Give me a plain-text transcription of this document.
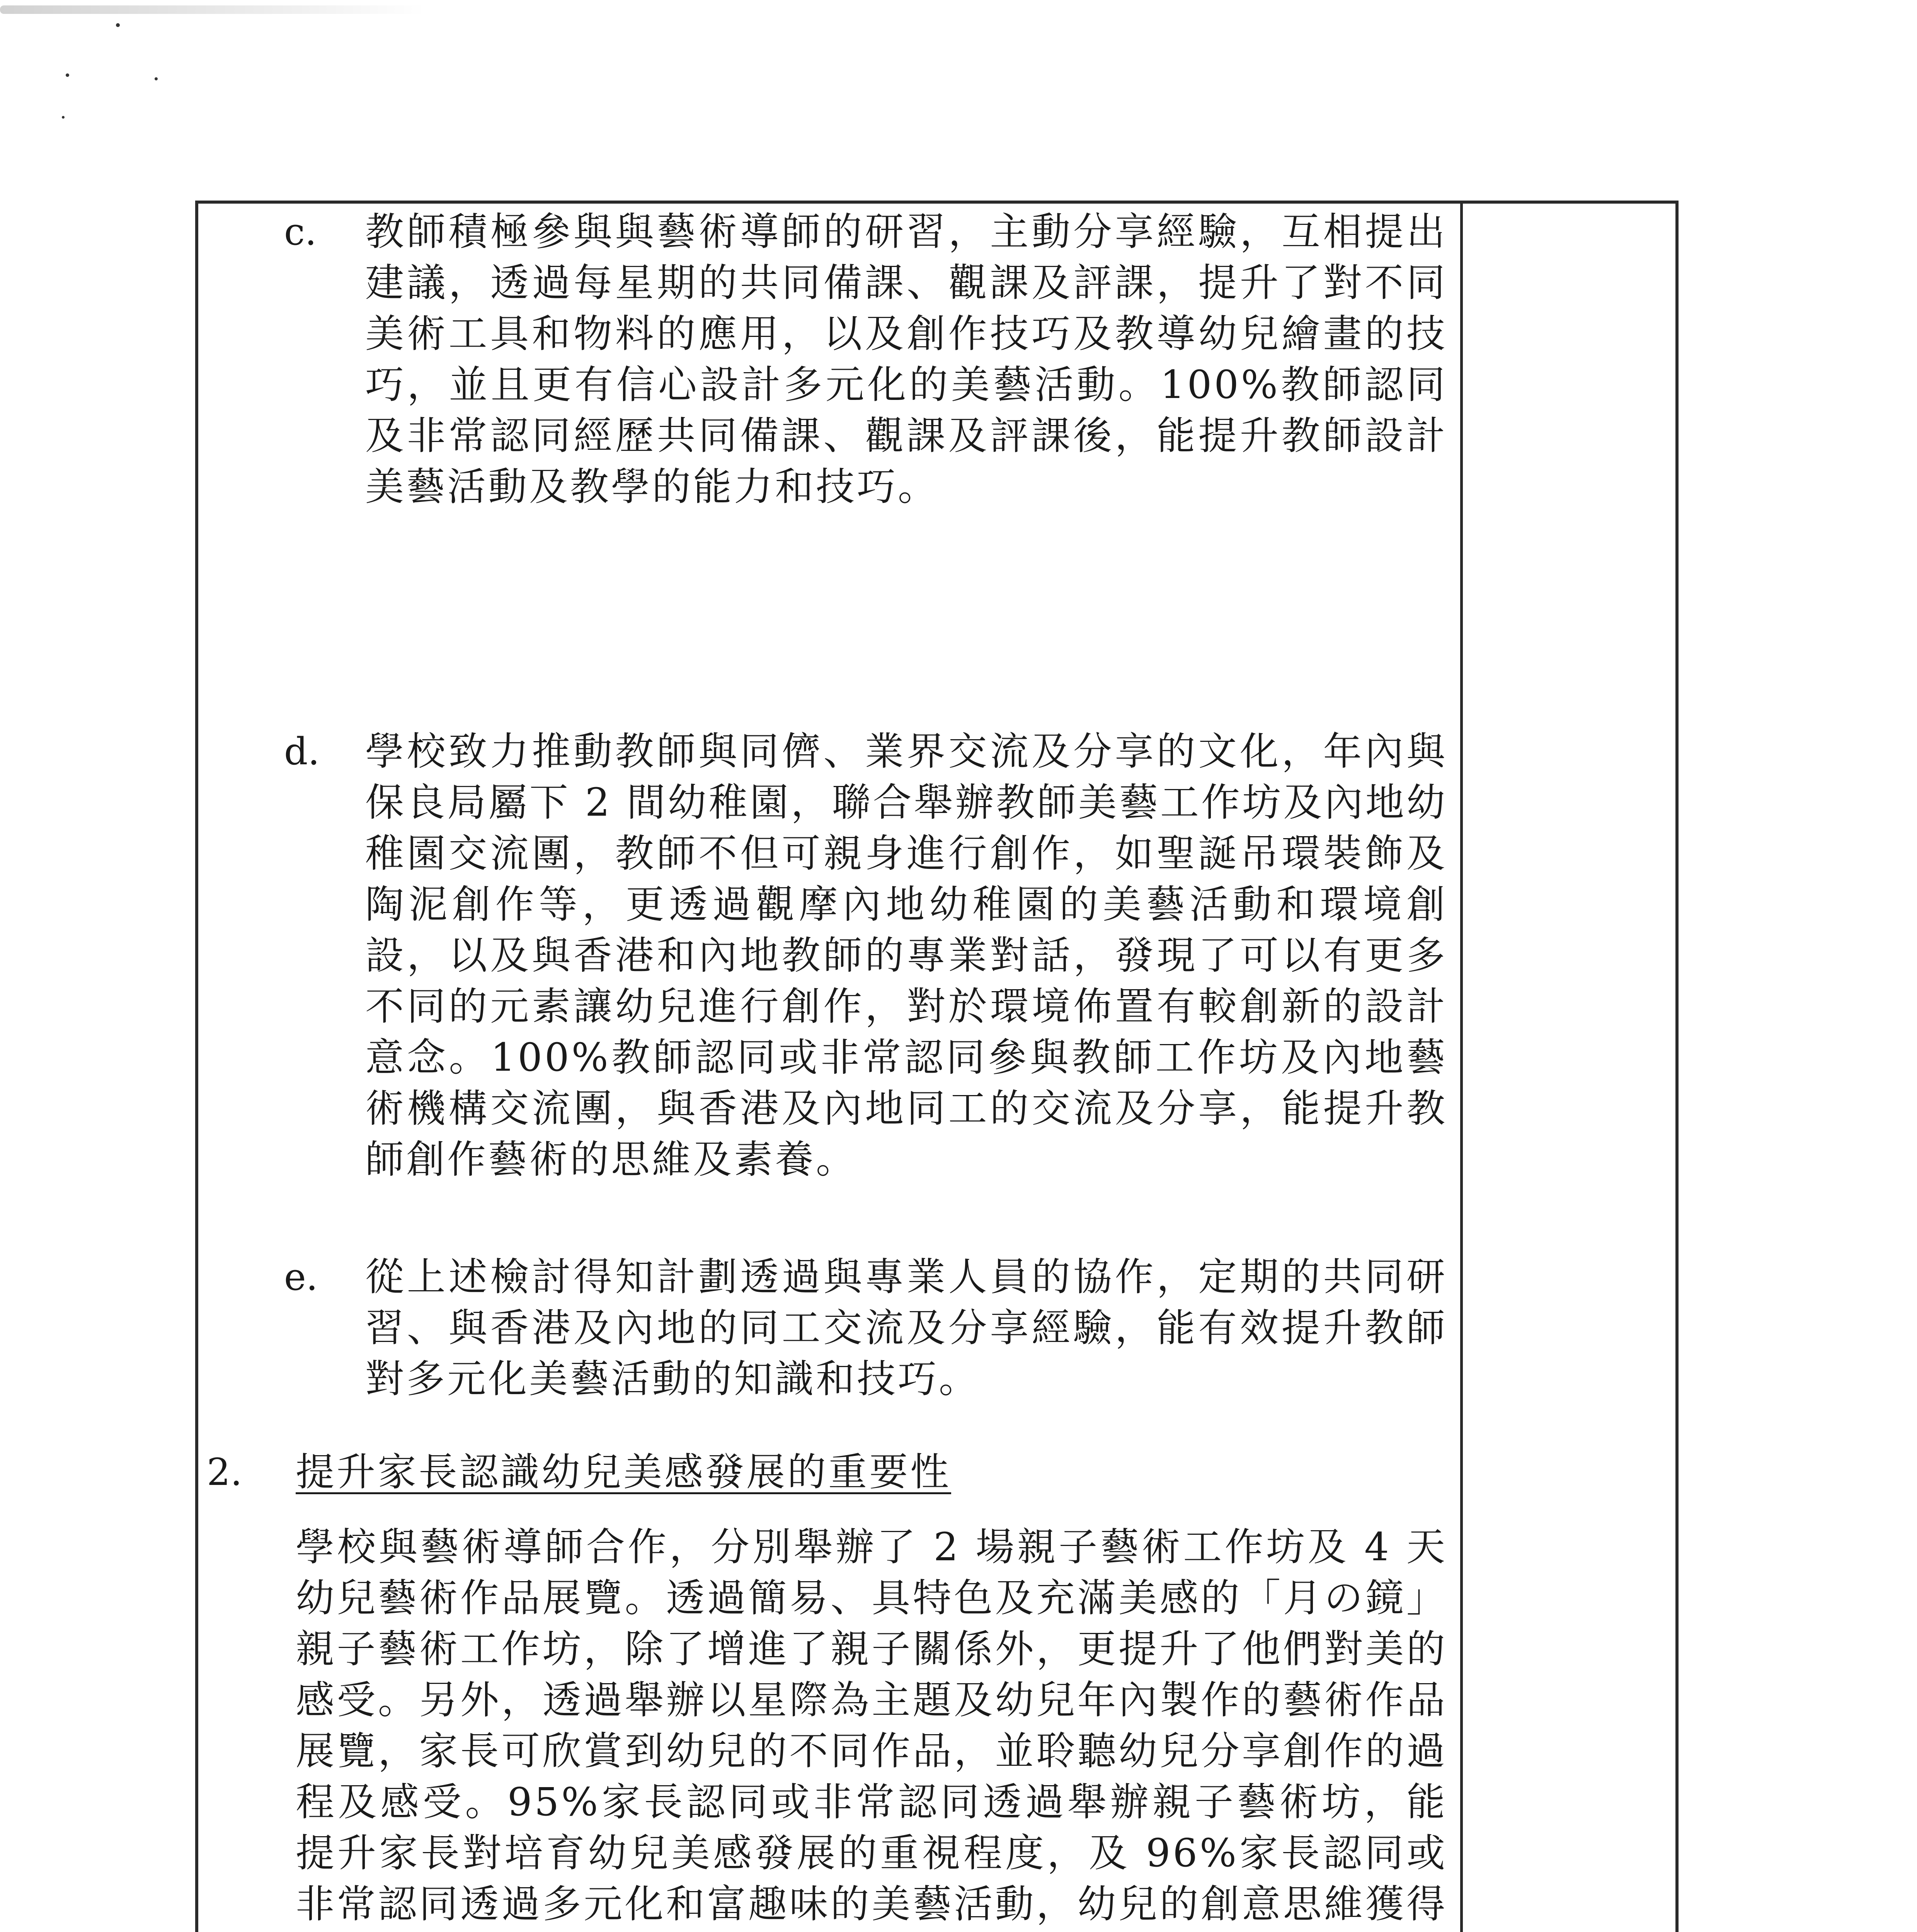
c.	教師積極參與與藝術導師的研習，主動分享經驗，互相提出建議，透過每星期的共同備課、觀課及評課，提升了對不同美術工具和物料的應用，以及創作技巧及教導幼兒繪畫的技巧，並且更有信心設計多元化的美藝活動。100%教師認同及非常認同經歷共同備課、觀課及評課後，能提升教師設計美藝活動及教學的能力和技巧。
d.	學校致力推動教師與同儕、業界交流及分享的文化，年內與保良局屬下 2 間幼稚園，聯合舉辦教師美藝工作坊及內地幼稚園交流團，教師不但可親身進行創作，如聖誕吊環裝飾及陶泥創作等，更透過觀摩內地幼稚園的美藝活動和環境創設，以及與香港和內地教師的專業對話，發現了可以有更多不同的元素讓幼兒進行創作，對於環境佈置有較創新的設計意念。100%教師認同或非常認同參與教師工作坊及內地藝術機構交流團，與香港及內地同工的交流及分享，能提升教師創作藝術的思維及素養。
e.	從上述檢討得知計劃透過與專業人員的協作，定期的共同研習、與香港及內地的同工交流及分享經驗，能有效提升教師對多元化美藝活動的知識和技巧。
2. 提升家長認識幼兒美感發展的重要性
學校與藝術導師合作，分別舉辦了 2 場親子藝術工作坊及 4 天幼兒藝術作品展覽。透過簡易、具特色及充滿美感的「月の鏡」親子藝術工作坊，除了增進了親子關係外，更提升了他們對美的感受。另外，透過舉辦以星際為主題及幼兒年內製作的藝術作品展覽，家長可欣賞到幼兒的不同作品，並聆聽幼兒分享創作的過程及感受。95%家長認同或非常認同透過舉辦親子藝術坊，能提升家長對培育幼兒美感發展的重視程度，及 96%家長認同或非常認同透過多元化和富趣味的美藝活動，幼兒的創意思維獲得
